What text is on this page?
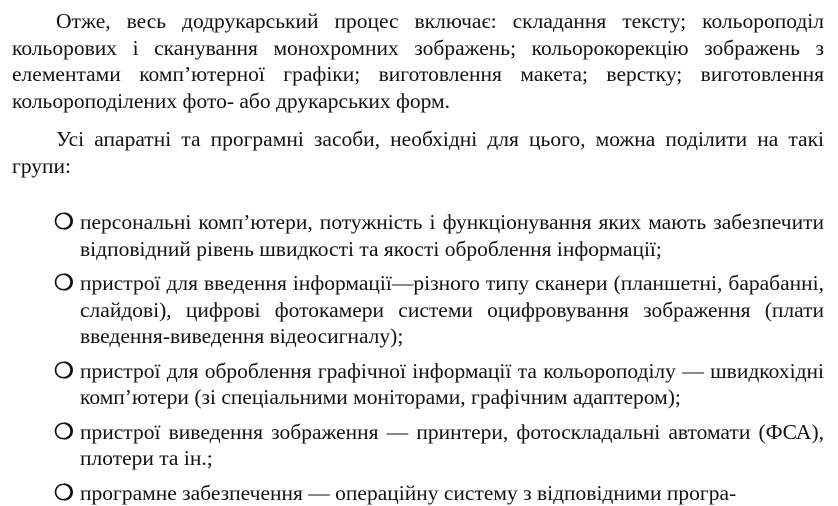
Отже, весь додрукарський процес включає: складання тексту; кольороподіл кольорових і сканування монохромних зображень; кольорокорекцію зображень з елементами комп’ютерної графіки; виготовлення макета; верстку; виготовлення кольороподілених фото- або друкарських форм.

Усі апаратні та програмні засоби, необхідні для цього, можна поділити на такі групи:

❍ персональні комп’ютери, потужність і функціонування яких мають забезпечити відповідний рівень швидкості та якості оброблення інформації;
❍ пристрої для введення інформації—різного типу сканери (планшетні, барабанні, слайдові), цифрові фотокамери системи оцифровування зображення (плати введення-виведення відеосигналу);
❍ пристрої для оброблення графічної інформації та кольороподілу — швидкохідні комп’ютери (зі спеціальними моніторами, графічним адаптером);
❍ пристрої виведення зображення — принтери, фотоскладальні автомати (ФСА), плотери та ін.;
❍ програмне забезпечення — операційну систему з відповідними програ-
